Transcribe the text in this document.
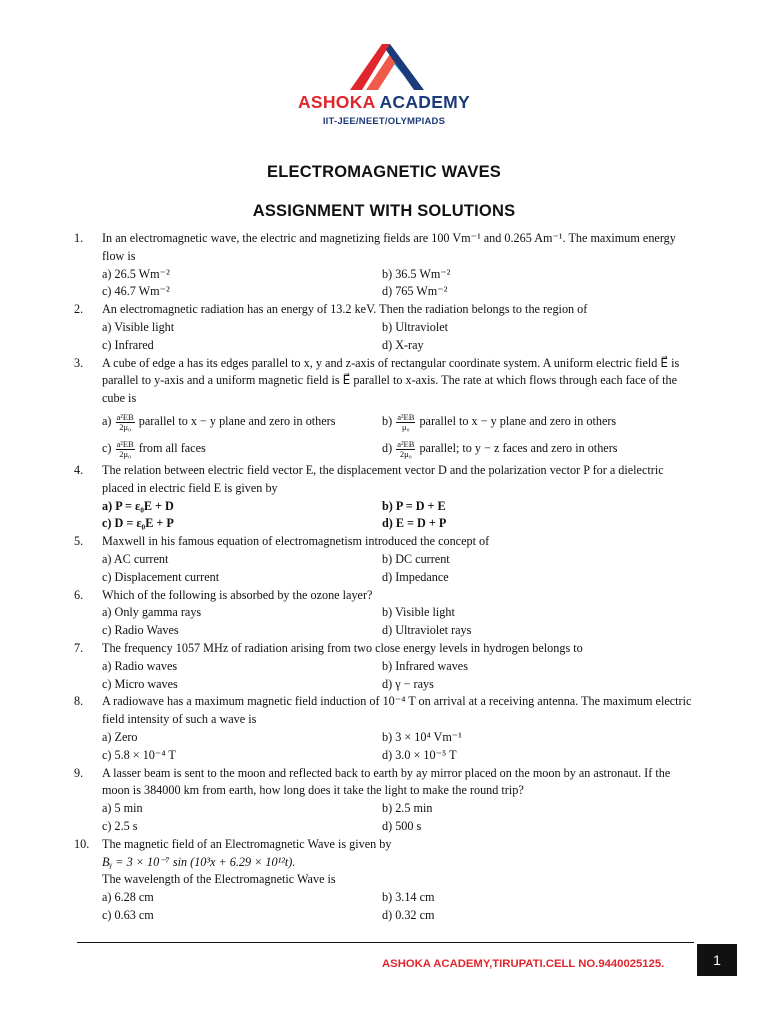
ASHOKA ACADEMY
IIT-JEE/NEET/OLYMPIADS
ELECTROMAGNETIC WAVES
ASSIGNMENT WITH SOLUTIONS
1.	In an electromagnetic wave, the electric and magnetizing fields are 100 Vm⁻¹ and 0.265 Am⁻¹. The maximum energy flow is
a) 26.5 Wm⁻²	b) 36.5 Wm⁻²
c) 46.7 Wm⁻²	d) 765 Wm⁻²
2.	An electromagnetic radiation has an energy of 13.2 keV. Then the radiation belongs to the region of
a) Visible light	b) Ultraviolet
c) Infrared	d) X-ray
3.	A cube of edge a has its edges parallel to x, y and z-axis of rectangular coordinate system. A uniform electric field E⃗ is parallel to y-axis and a uniform magnetic field is E⃗ parallel to x-axis. The rate at which flows through each face of the cube is
$a) \frac{\text{a²EB}}{\text{2μ₀}}$ parallel to x − y plane and zero in others	$b) \frac{\text{a²EB}}{\text{μ₀}}$ parallel to x − y plane and zero in others
$c) \frac{\text{a²EB}}{\text{2μ₀}}$ from all faces	$d) \frac{\text{a²EB}}{\text{2μ₀}}$ parallel; to y − z faces and zero in others
4.	The relation between electric field vector E, the displacement vector D and the polarization vector P for a dielectric placed in electric field E is given by
a) P = ε₀E + D	b) P = D + E
c) D = ε₀E + P	d) E = D + P
5.	Maxwell in his famous equation of electromagnetism introduced the concept of
a) AC current	b) DC current
c) Displacement current	d) Impedance
6.	Which of the following is absorbed by the ozone layer?
a) Only gamma rays	b) Visible light
c) Radio Waves	d) Ultraviolet rays
7.	The frequency 1057 MHz of radiation arising from two close energy levels in hydrogen belongs to
a) Radio waves	b) Infrared waves
c) Micro waves	d) γ − rays
8.	A radiowave has a maximum magnetic field induction of 10⁻⁴ T on arrival at a receiving antenna. The maximum electric field intensity of such a wave is
a) Zero	b) 3 × 10⁴ Vm⁻¹
c) 5.8 × 10⁻⁴ T	d) 3.0 × 10⁻⁵ T
9.	A lasser beam is sent to the moon and reflected back to earth by ay mirror placed on the moon by an astronaut. If the moon is 384000 km from earth, how long does it take the light to make the round trip?
a) 5 min	b) 2.5 min
c) 2.5 s	d) 500 s
10.	The magnetic field of an Electromagnetic Wave is given by
Bᵧ = 3 × 10⁻⁷ sin (10³x + 6.29 × 10¹²t).
The wavelength of the Electromagnetic Wave is
a) 6.28 cm	b) 3.14 cm
c) 0.63 cm	d) 0.32 cm
ASHOKA ACADEMY,TIRUPATI.CELL NO.9440025125.	1
